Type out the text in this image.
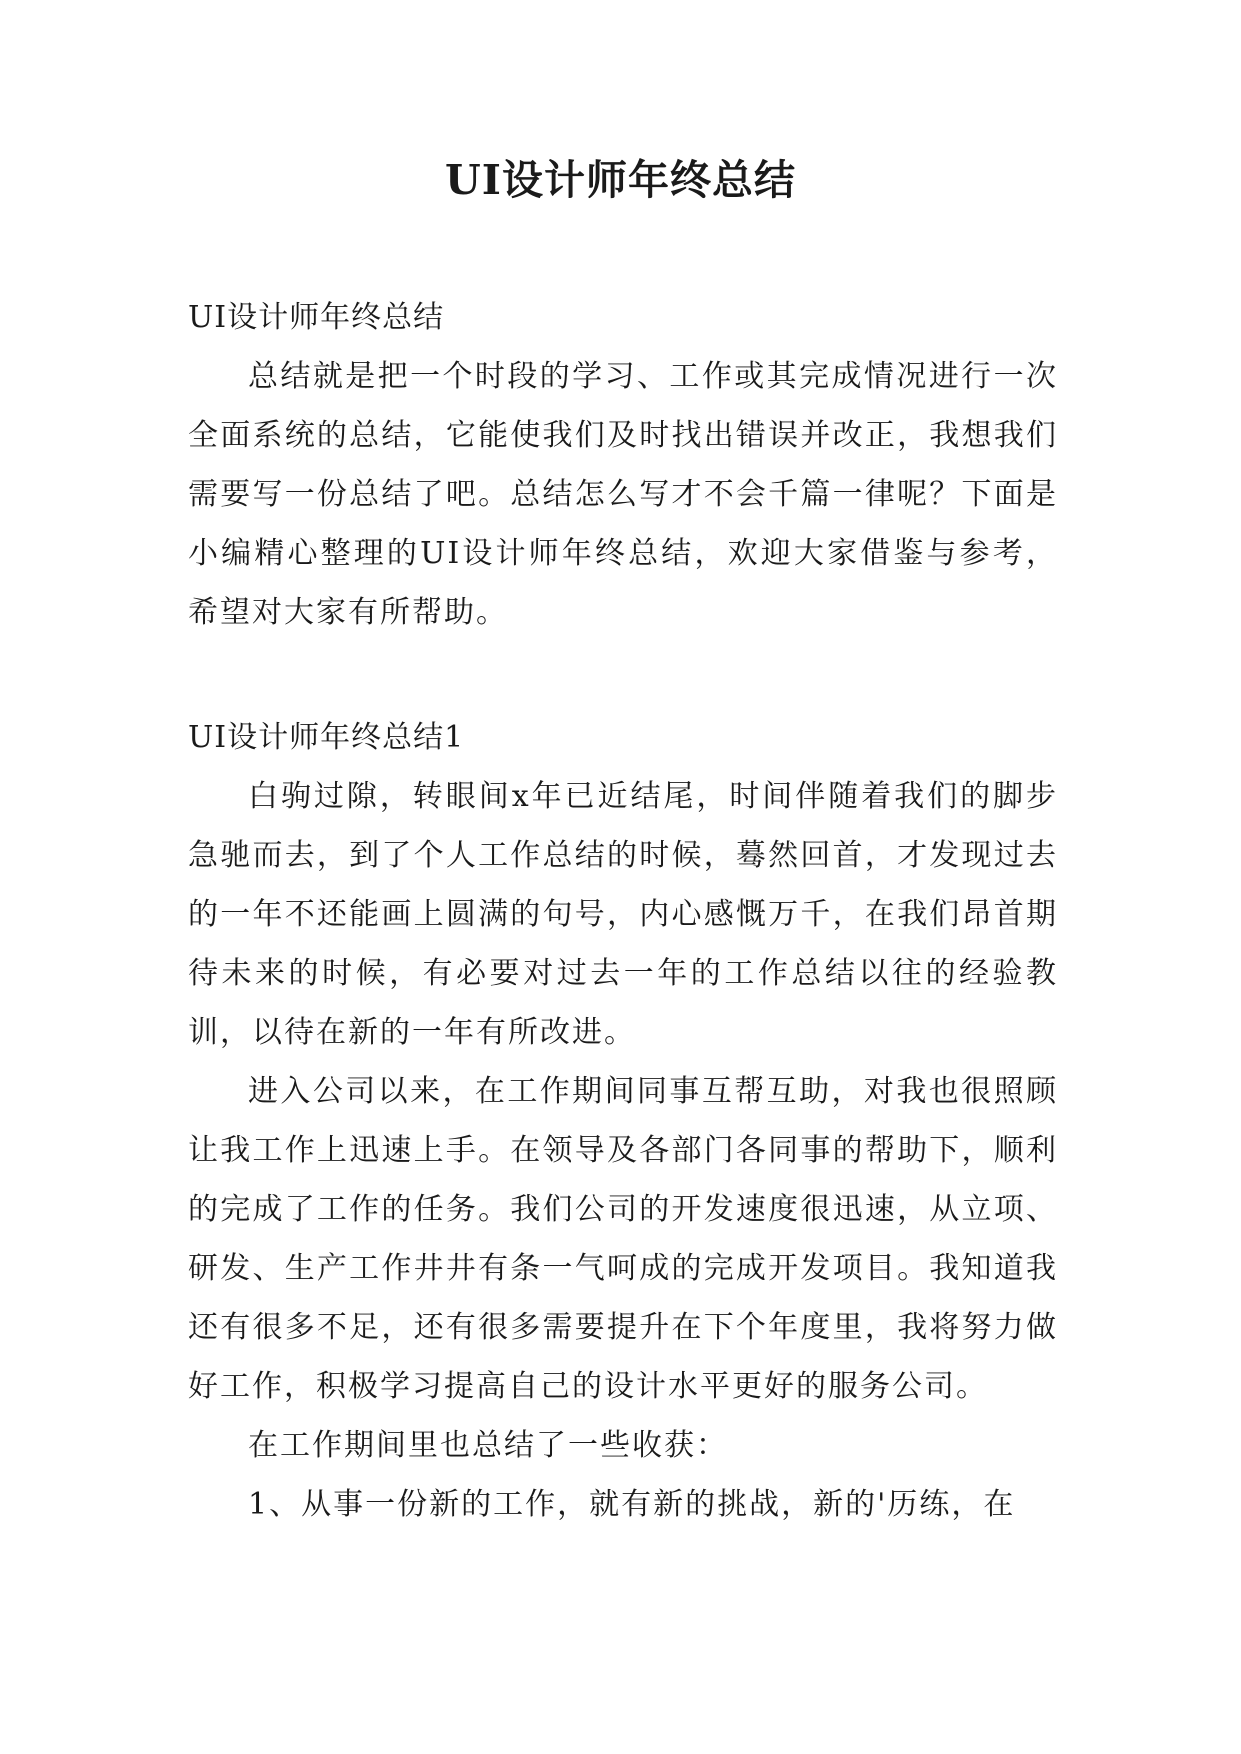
UI设计师年终总结

UI设计师年终总结

总结就是把一个时段的学习、工作或其完成情况进行一次全面系统的总结，它能使我们及时找出错误并改正，我想我们需要写一份总结了吧。总结怎么写才不会千篇一律呢？下面是小编精心整理的UI设计师年终总结，欢迎大家借鉴与参考，希望对大家有所帮助。

UI设计师年终总结1

白驹过隙，转眼间x年已近结尾，时间伴随着我们的脚步急驰而去，到了个人工作总结的时候，蓦然回首，才发现过去的一年不还能画上圆满的句号，内心感慨万千，在我们昂首期待未来的时候，有必要对过去一年的工作总结以往的经验教训，以待在新的一年有所改进。

进入公司以来，在工作期间同事互帮互助，对我也很照顾让我工作上迅速上手。在领导及各部门各同事的帮助下，顺利的完成了工作的任务。我们公司的开发速度很迅速，从立项、研发、生产工作井井有条一气呵成的完成开发项目。我知道我还有很多不足，还有很多需要提升在下个年度里，我将努力做好工作，积极学习提高自己的设计水平更好的服务公司。

在工作期间里也总结了一些收获：

1、从事一份新的工作，就有新的挑战，新的'历练，在
